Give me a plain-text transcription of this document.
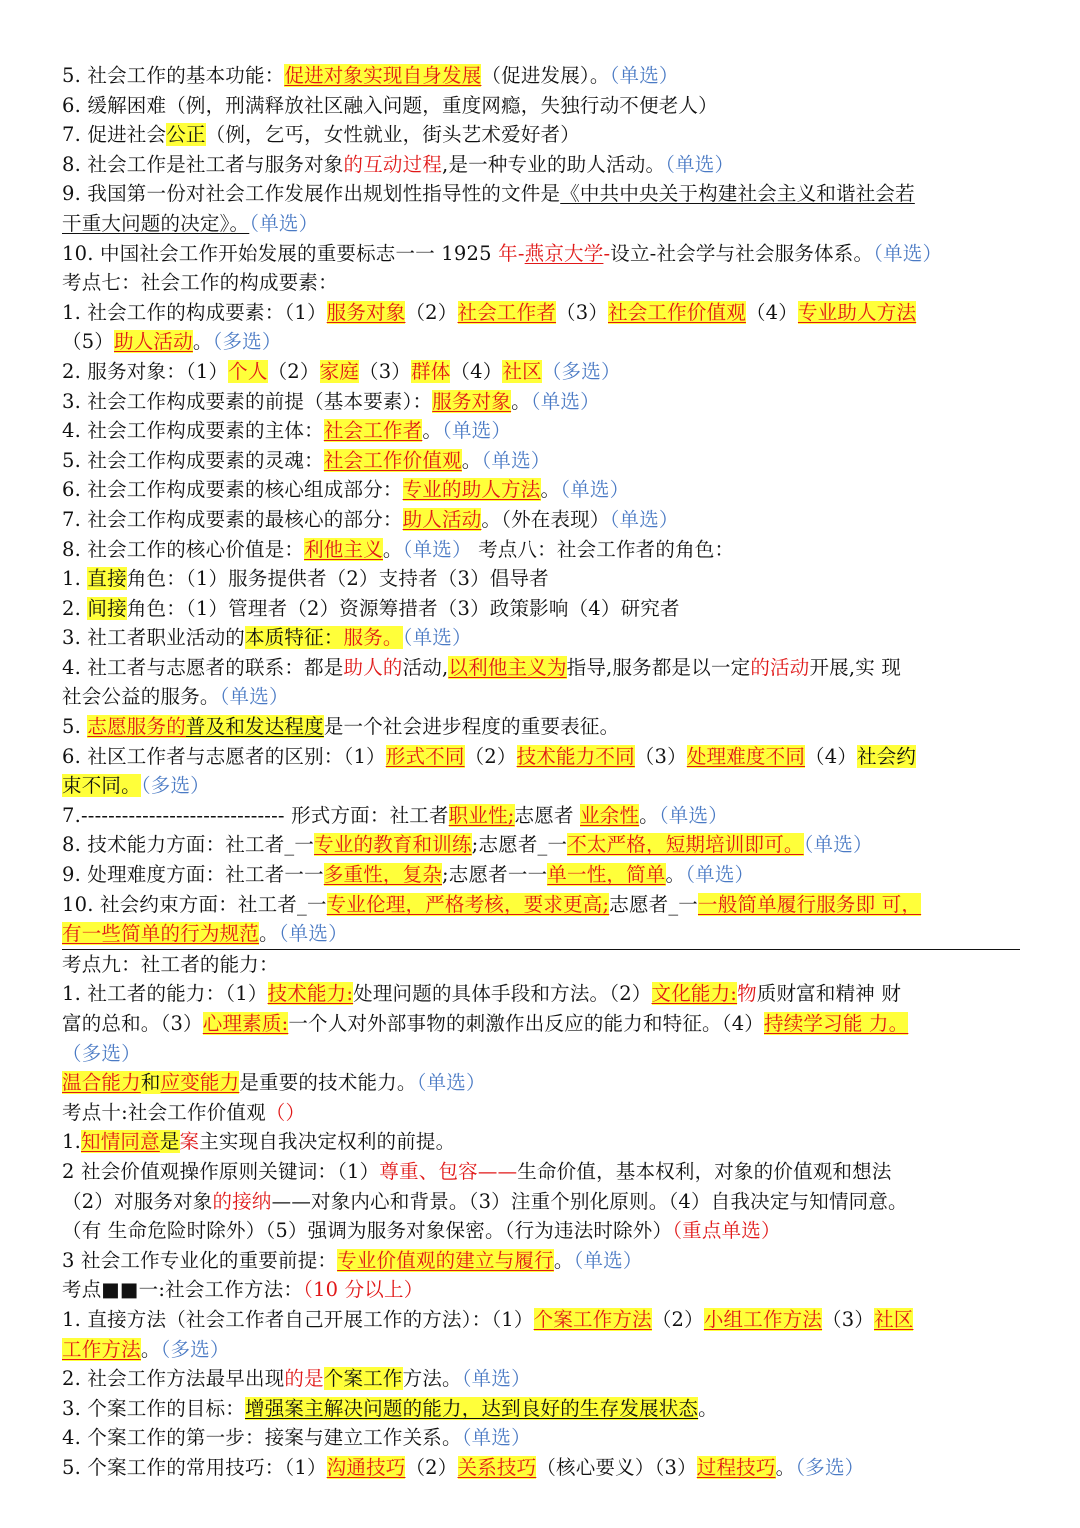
5. 社会工作的基本功能：促进对象实现自身发展（促进发展）。（单选）
6. 缓解困难（例，刑满释放社区融入问题，重度网瘾，失独行动不便老人）
7. 促进社会公正（例，乞丐，女性就业，街头艺术爱好者）
8. 社会工作是社工者与服务对象的互动过程,是一种专业的助人活动。（单选）
9. 我国第一份对社会工作发展作出规划性指导性的文件是《中共中央关于构建社会主义和谐社会若
干重大问题的决定》。（单选）
10. 中国社会工作开始发展的重要标志一一 1925 年-燕京大学-设立-社会学与社会服务体系。（单选）
考点七：社会工作的构成要素：
1. 社会工作的构成要素：（1）服务对象（2）社会工作者（3）社会工作价值观（4）专业助人方法
（5）助人活动。（多选）
2. 服务对象：（1）个人（2）家庭（3）群体（4）社区（多选）
3. 社会工作构成要素的前提（基本要素）：服务对象。（单选）
4. 社会工作构成要素的主体：社会工作者。（单选）
5. 社会工作构成要素的灵魂：社会工作价值观。（单选）
6. 社会工作构成要素的核心组成部分：专业的助人方法。（单选）
7. 社会工作构成要素的最核心的部分：助人活动。（外在表现）（单选）
8. 社会工作的核心价值是：利他主义。（单选） 考点八：社会工作者的角色：
1. 直接角色：（1）服务提供者（2）支持者（3）倡导者
2. 间接角色：（1）管理者（2）资源筹措者（3）政策影响（4）研究者
3. 社工者职业活动的本质特征：服务。（单选）
4. 社工者与志愿者的联系：都是助人的活动,以利他主义为指导,服务都是以一定的活动开展,实 现
社会公益的服务。（单选）
5. 志愿服务的普及和发达程度是一个社会进步程度的重要表征。
6. 社区工作者与志愿者的区别：（1）形式不同（2）技术能力不同（3）处理难度不同（4）社会约
束不同。（多选）
7.------------------------------ 形式方面：社工者职业性;志愿者 业余性。（单选）
8. 技术能力方面：社工者_一专业的教育和训练;志愿者_一不太严格，短期培训即可。（单选）
9. 处理难度方面：社工者一一多重性，复杂;志愿者一一单一性，简单。（单选）
10. 社会约束方面：社工者_一专业伦理，严格考核，要求更高;志愿者_一一般简单履行服务即 可，
有一些简单的行为规范。（单选）
考点九：社工者的能力：
1. 社工者的能力：（1）技术能力:处理问题的具体手段和方法。（2）文化能力:物质财富和精神 财
富的总和。（3）心理素质:一个人对外部事物的刺激作出反应的能力和特征。（4）持续学习能 力。
（多选）
温合能力和应变能力是重要的技术能力。（单选）
考点十:社会工作价值观（）
1.知情同意是案主实现自我决定权利的前提。
2 社会价值观操作原则关键词：（1）尊重、包容——生命价值，基本权利，对象的价值观和想法
（2）对服务对象的接纳——对象内心和背景。（3）注重个别化原则。（4）自我决定与知情同意。
（有 生命危险时除外）（5）强调为服务对象保密。（行为违法时除外）（重点单选）
3 社会工作专业化的重要前提：专业价值观的建立与履行。（单选）
考点■■一:社会工作方法：（10 分以上）
1. 直接方法（社会工作者自己开展工作的方法）：（1）个案工作方法（2）小组工作方法（3）社区
工作方法。（多选）
2. 社会工作方法最早出现的是个案工作方法。（单选）
3. 个案工作的目标：增强案主解决问题的能力，达到良好的生存发展状态。
4. 个案工作的第一步：接案与建立工作关系。（单选）
5. 个案工作的常用技巧：（1）沟通技巧（2）关系技巧（核心要义）（3）过程技巧。（多选）
